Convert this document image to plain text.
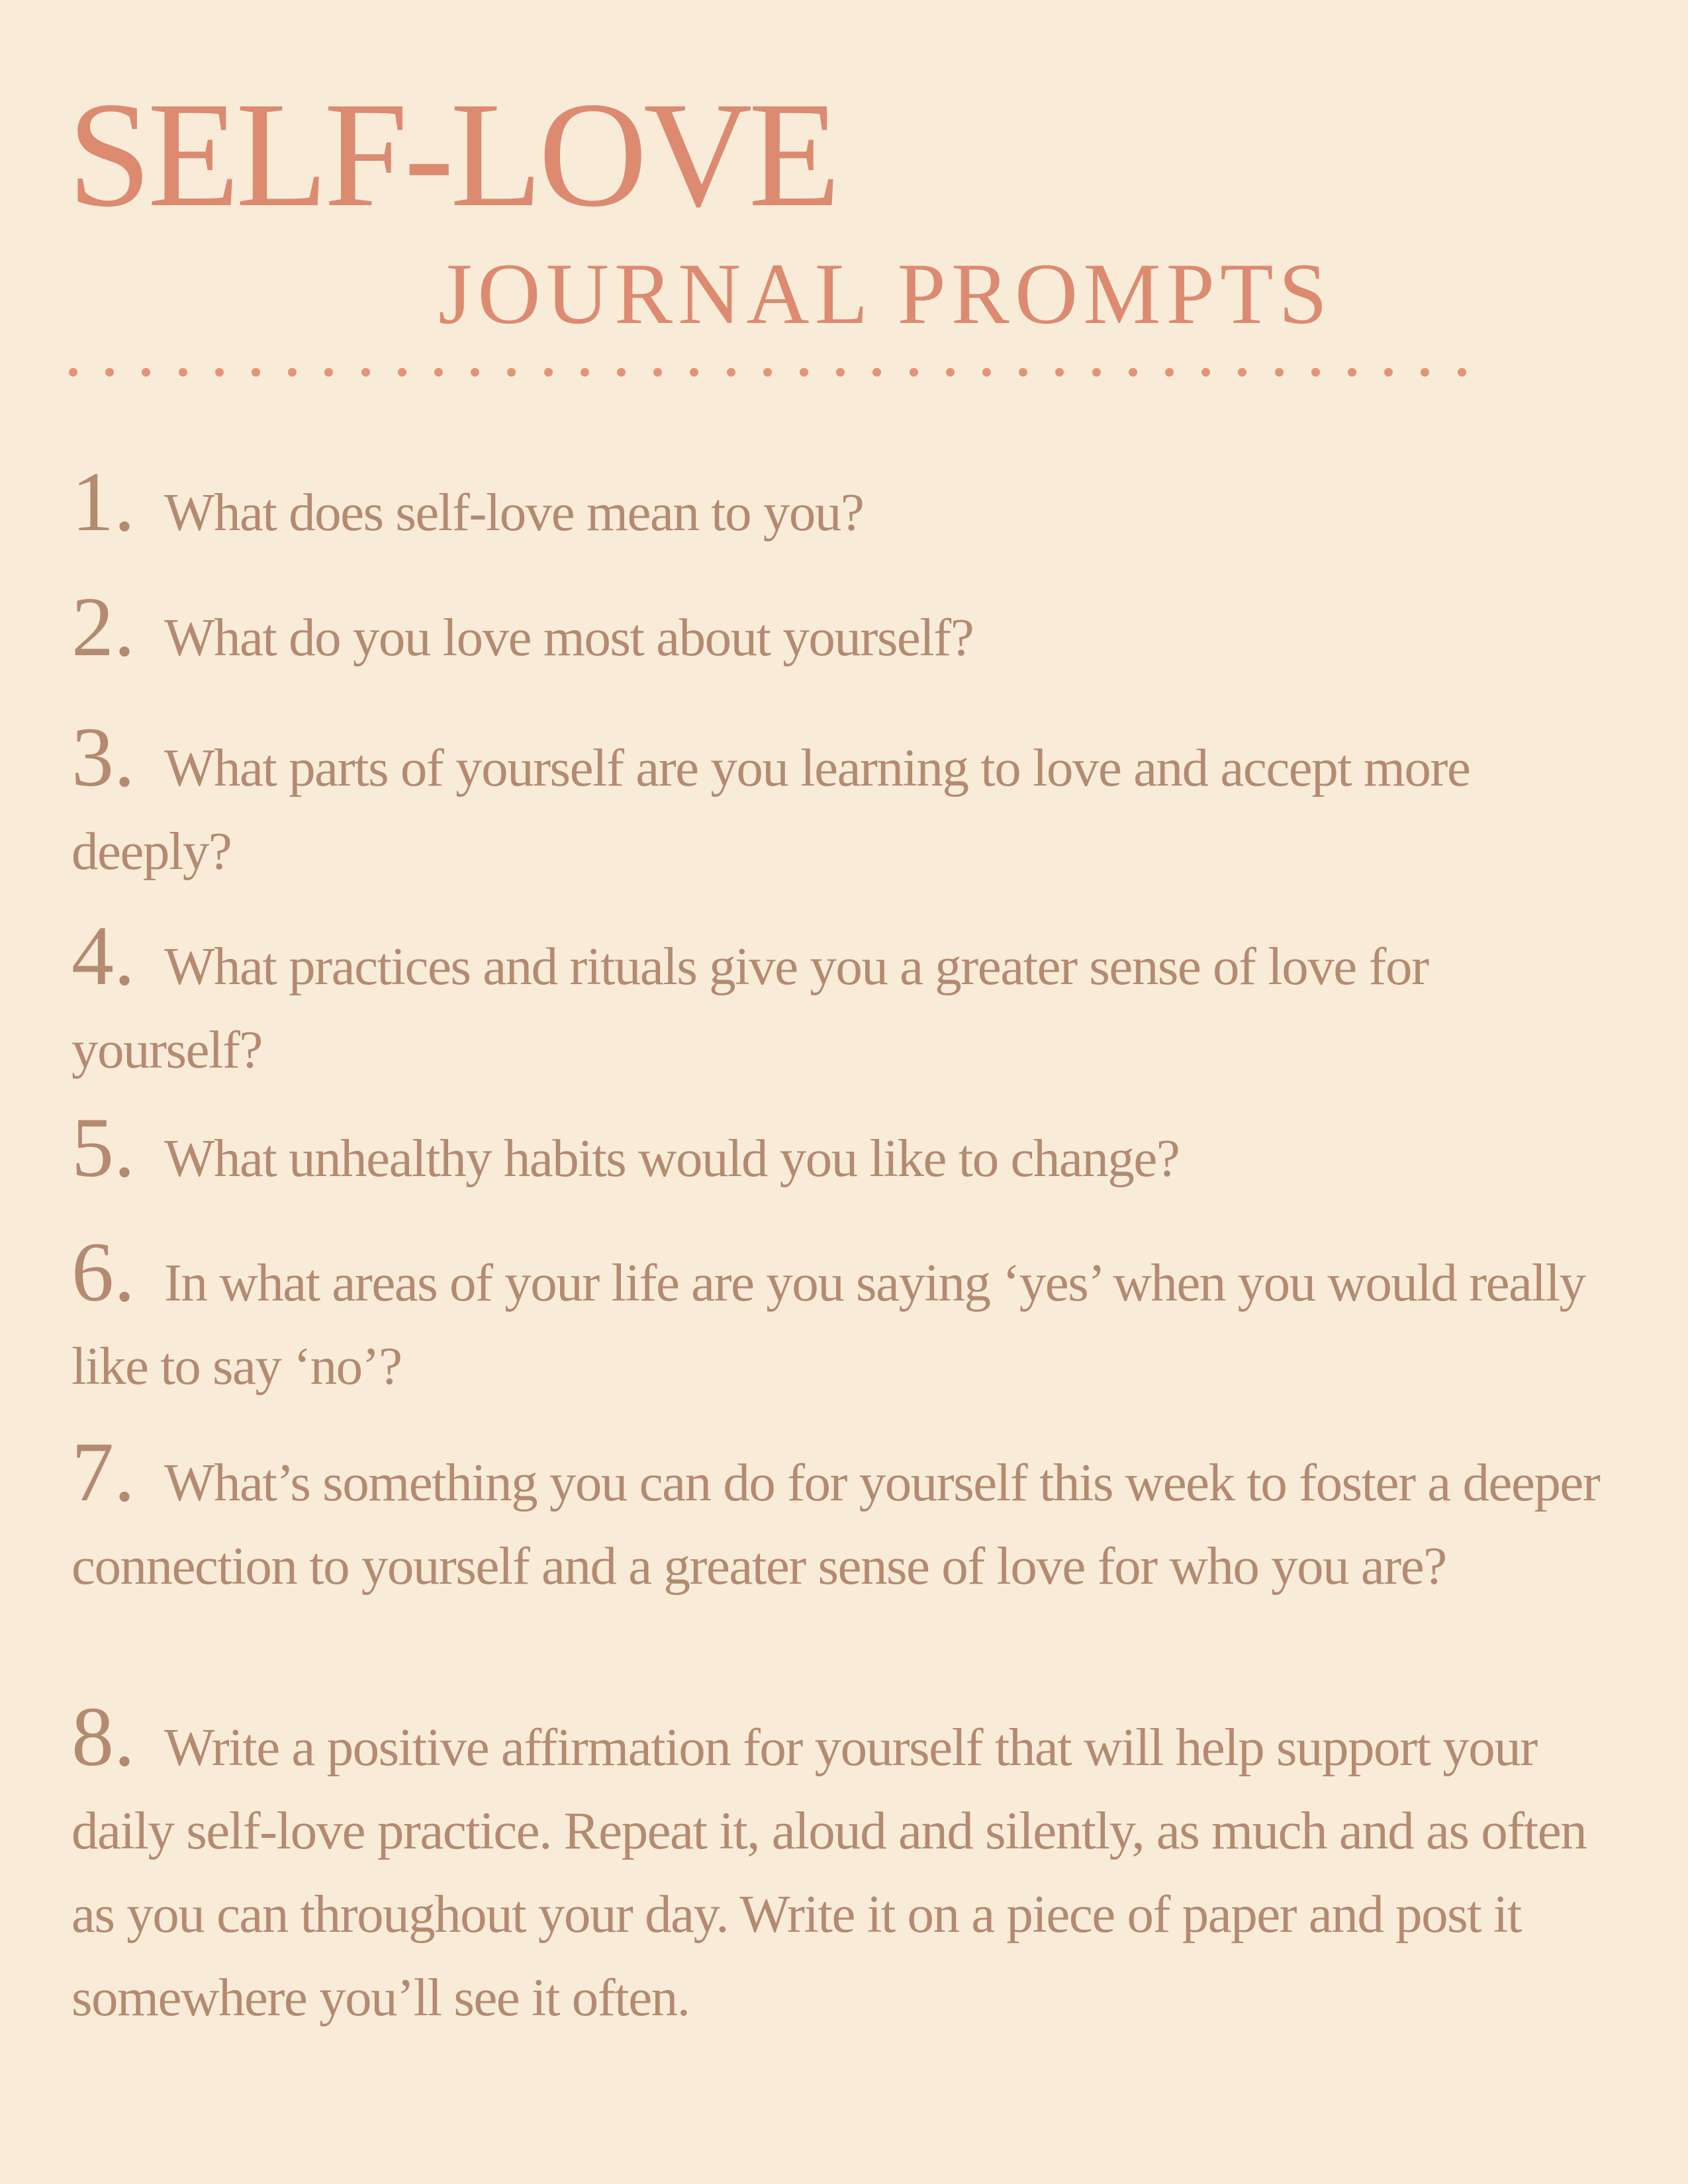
SELF-LOVE
JOURNAL PROMPTS

1. What does self-love mean to you?

2. What do you love most about yourself?

3. What parts of yourself are you learning to love and accept more deeply?

4. What practices and rituals give you a greater sense of love for yourself?

5. What unhealthy habits would you like to change?

6. In what areas of your life are you saying ‘yes’ when you would really like to say ‘no’?

7. What’s something you can do for yourself this week to foster a deeper connection to yourself and a greater sense of love for who you are?

8. Write a positive affirmation for yourself that will help support your daily self-love practice. Repeat it, aloud and silently, as much and as often as you can throughout your day. Write it on a piece of paper and post it somewhere you’ll see it often.
